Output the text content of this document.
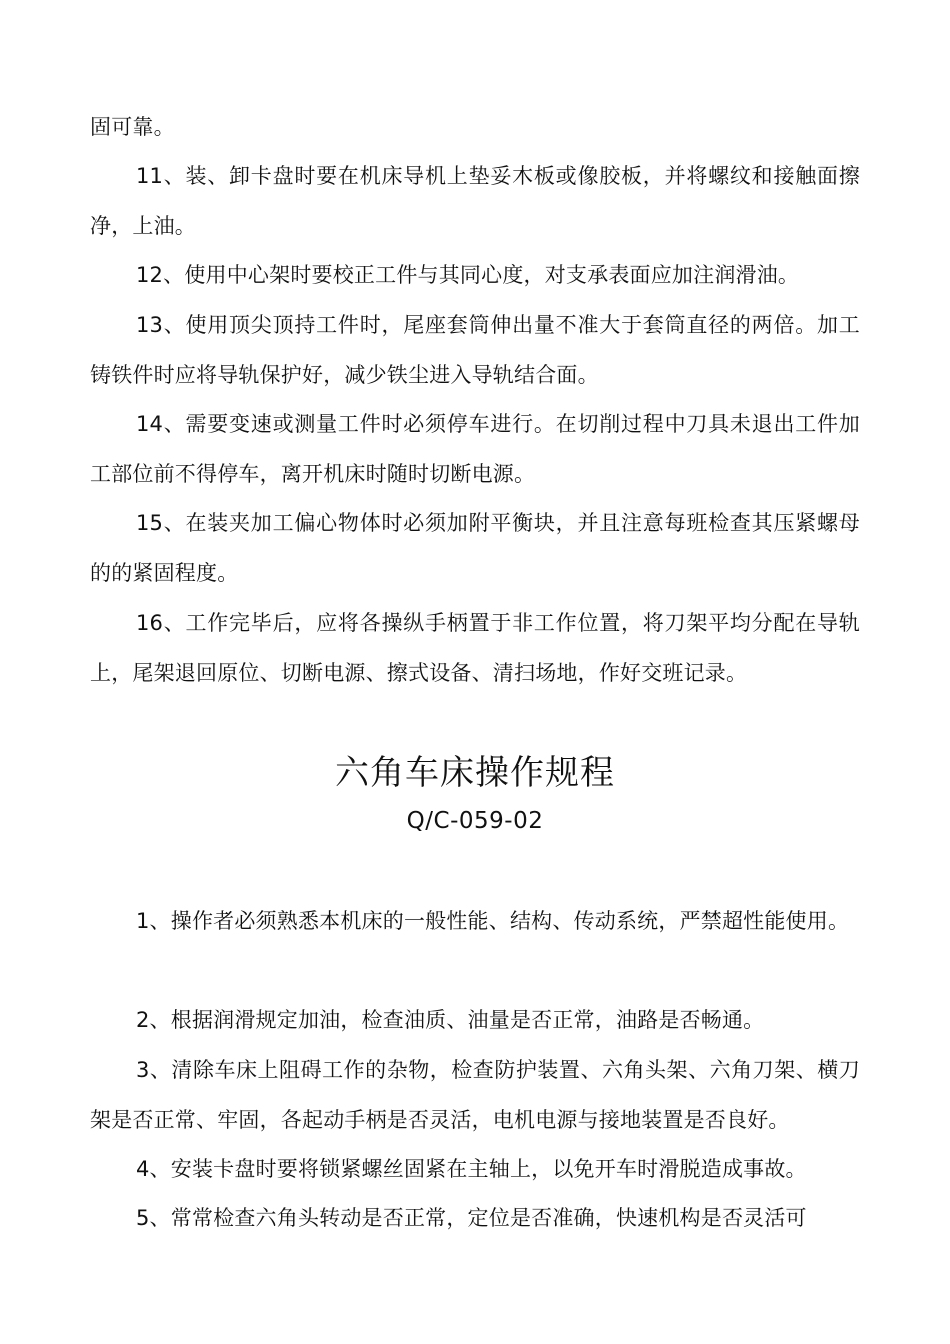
固可靠。

11、装、卸卡盘时要在机床导机上垫妥木板或像胶板，并将螺纹和接触面擦净，上油。

12、使用中心架时要校正工件与其同心度，对支承表面应加注润滑油。

13、使用顶尖顶持工件时，尾座套筒伸出量不准大于套筒直径的两倍。加工铸铁件时应将导轨保护好，减少铁尘进入导轨结合面。

14、需要变速或测量工件时必须停车进行。在切削过程中刀具未退出工件加工部位前不得停车，离开机床时随时切断电源。

15、在装夹加工偏心物体时必须加附平衡块，并且注意每班检查其压紧螺母的的紧固程度。

16、工作完毕后，应将各操纵手柄置于非工作位置，将刀架平均分配在导轨上，尾架退回原位、切断电源、擦式设备、清扫场地，作好交班记录。

六角车床操作规程
Q/C-059-02

1、操作者必须熟悉本机床的一般性能、结构、传动系统，严禁超性能使用。

2、根据润滑规定加油，检查油质、油量是否正常，油路是否畅通。

3、清除车床上阻碍工作的杂物，检查防护装置、六角头架、六角刀架、横刀架是否正常、牢固，各起动手柄是否灵活，电机电源与接地装置是否良好。

4、安装卡盘时要将锁紧螺丝固紧在主轴上，以免开车时滑脱造成事故。

5、常常检查六角头转动是否正常，定位是否准确，快速机构是否灵活可
